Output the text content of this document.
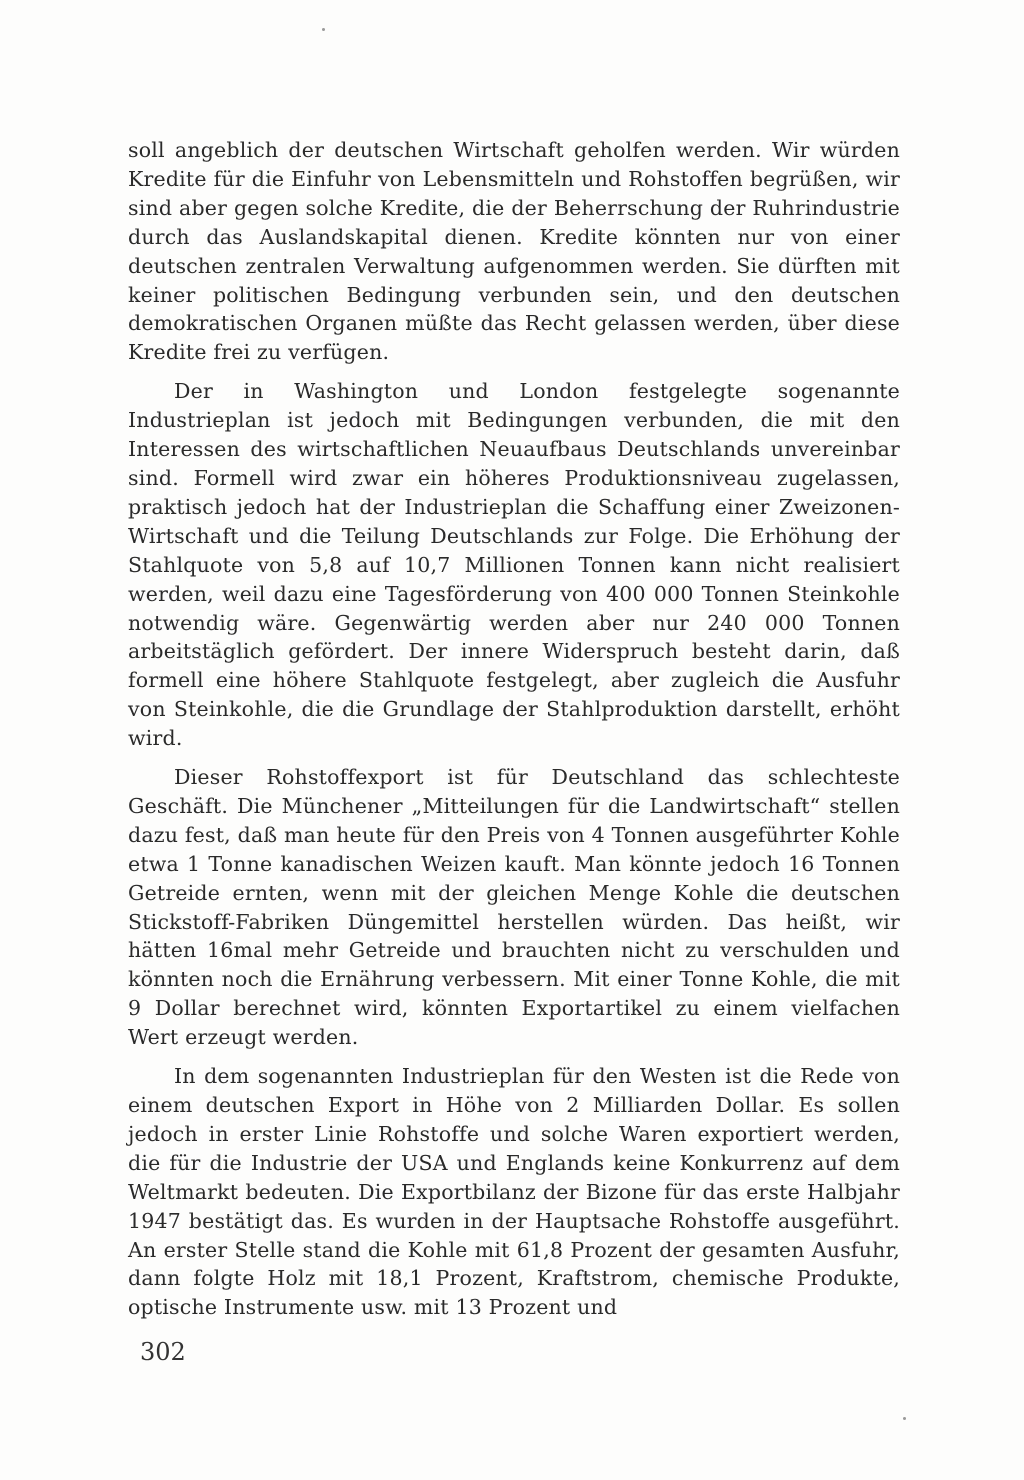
soll angeblich der deutschen Wirtschaft geholfen werden. Wir würden Kredite für die Einfuhr von Lebensmitteln und Rohstoffen begrüßen, wir sind aber gegen solche Kredite, die der Beherrschung der Ruhrindustrie durch das Auslandskapital dienen. Kredite könnten nur von einer deutschen zentralen Verwaltung aufgenommen werden. Sie dürften mit keiner politischen Bedingung verbunden sein, und den deutschen demokratischen Organen müßte das Recht gelassen werden, über diese Kredite frei zu verfügen.

Der in Washington und London festgelegte sogenannte Industrieplan ist jedoch mit Bedingungen verbunden, die mit den Interessen des wirtschaftlichen Neuaufbaus Deutschlands unvereinbar sind. Formell wird zwar ein höheres Produktionsniveau zugelassen, praktisch jedoch hat der Industrieplan die Schaffung einer Zweizonen-Wirtschaft und die Teilung Deutschlands zur Folge. Die Erhöhung der Stahlquote von 5,8 auf 10,7 Millionen Tonnen kann nicht realisiert werden, weil dazu eine Tagesförderung von 400 000 Tonnen Steinkohle notwendig wäre. Gegenwärtig werden aber nur 240 000 Tonnen arbeitstäglich gefördert. Der innere Widerspruch besteht darin, daß formell eine höhere Stahlquote festgelegt, aber zugleich die Ausfuhr von Steinkohle, die die Grundlage der Stahlproduktion darstellt, erhöht wird.

Dieser Rohstoffexport ist für Deutschland das schlechteste Geschäft. Die Münchener „Mitteilungen für die Landwirtschaft“ stellen dazu fest, daß man heute für den Preis von 4 Tonnen ausgeführter Kohle etwa 1 Tonne kanadischen Weizen kauft. Man könnte jedoch 16 Tonnen Getreide ernten, wenn mit der gleichen Menge Kohle die deutschen Stickstoff-Fabriken Düngemittel herstellen würden. Das heißt, wir hätten 16mal mehr Getreide und brauchten nicht zu verschulden und könnten noch die Ernährung verbessern. Mit einer Tonne Kohle, die mit 9 Dollar berechnet wird, könnten Exportartikel zu einem vielfachen Wert erzeugt werden.

In dem sogenannten Industrieplan für den Westen ist die Rede von einem deutschen Export in Höhe von 2 Milliarden Dollar. Es sollen jedoch in erster Linie Rohstoffe und solche Waren exportiert werden, die für die Industrie der USA und Englands keine Konkurrenz auf dem Weltmarkt bedeuten. Die Exportbilanz der Bizone für das erste Halbjahr 1947 bestätigt das. Es wurden in der Hauptsache Rohstoffe ausgeführt. An erster Stelle stand die Kohle mit 61,8 Prozent der gesamten Ausfuhr, dann folgte Holz mit 18,1 Prozent, Kraftstrom, chemische Produkte, optische Instrumente usw. mit 13 Prozent und

302
